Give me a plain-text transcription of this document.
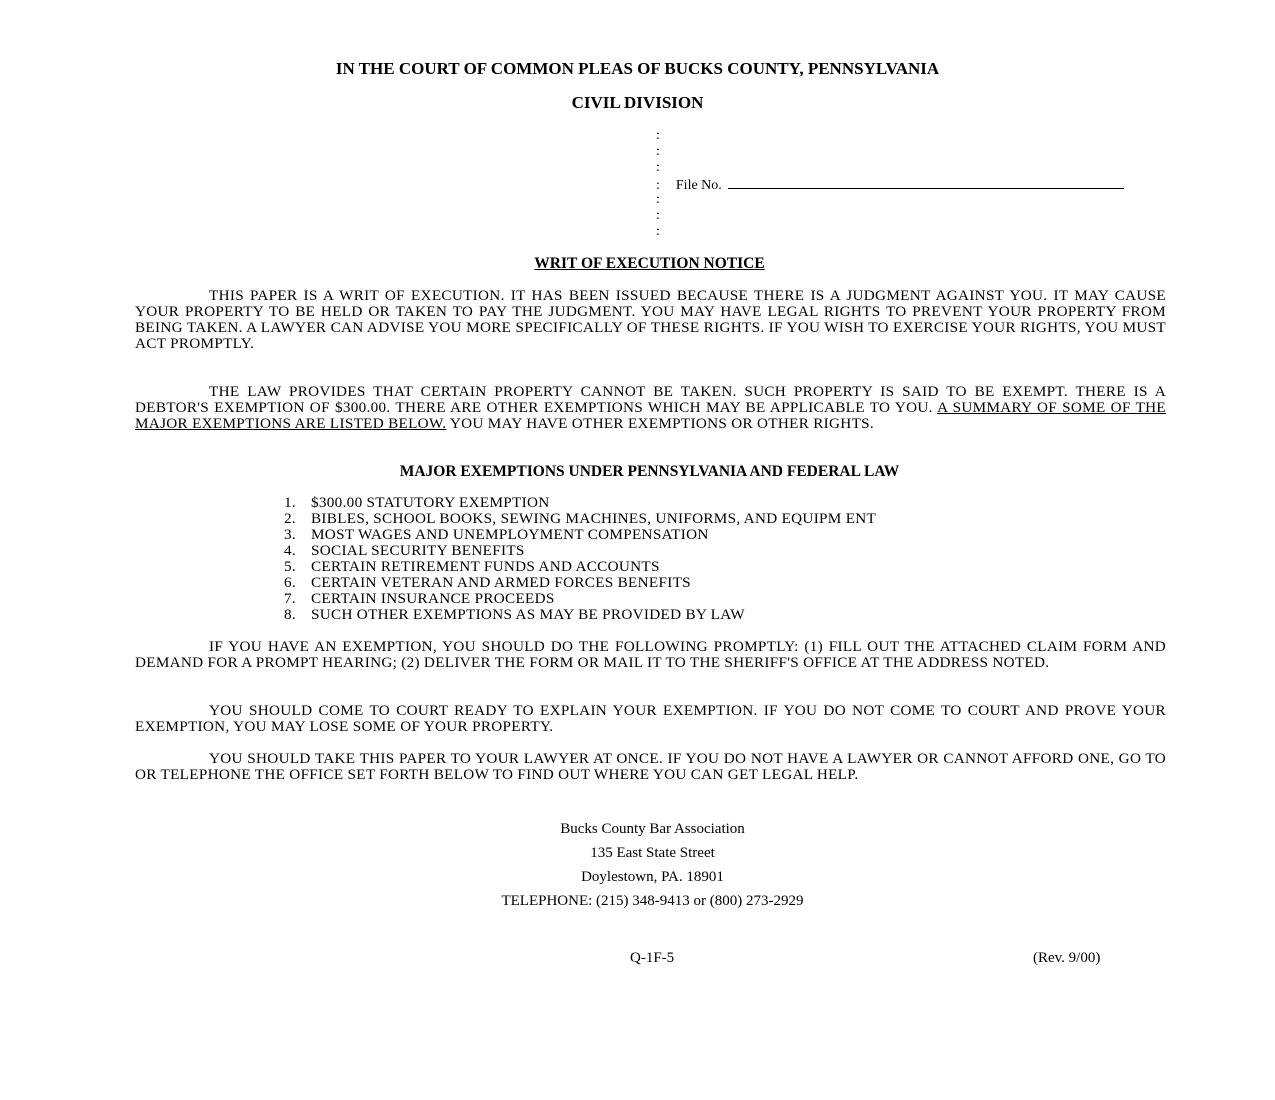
IN THE COURT OF COMMON PLEAS OF BUCKS COUNTY, PENNSYLVANIA
CIVIL DIVISION
:
:
:
: File No.
:
:
:
WRIT OF EXECUTION NOTICE
THIS PAPER IS A WRIT OF EXECUTION. IT HAS BEEN ISSUED BECAUSE THERE IS A JUDGMENT AGAINST YOU. IT MAY CAUSE YOUR PROPERTY TO BE HELD OR TAKEN TO PAY THE JUDGMENT. YOU MAY HAVE LEGAL RIGHTS TO PREVENT YOUR PROPERTY FROM BEING TAKEN. A LAWYER CAN ADVISE YOU MORE SPECIFICALLY OF THESE RIGHTS. IF YOU WISH TO EXERCISE YOUR RIGHTS, YOU MUST ACT PROMPTLY.
THE LAW PROVIDES THAT CERTAIN PROPERTY CANNOT BE TAKEN. SUCH PROPERTY IS SAID TO BE EXEMPT. THERE IS A DEBTOR'S EXEMPTION OF $300.00. THERE ARE OTHER EXEMPTIONS WHICH MAY BE APPLICABLE TO YOU. A SUMMARY OF SOME OF THE MAJOR EXEMPTIONS ARE LISTED BELOW. YOU MAY HAVE OTHER EXEMPTIONS OR OTHER RIGHTS.
MAJOR EXEMPTIONS UNDER PENNSYLVANIA AND FEDERAL LAW
1. $300.00 STATUTORY EXEMPTION
2. BIBLES, SCHOOL BOOKS, SEWING MACHINES, UNIFORMS, AND EQUIPM ENT
3. MOST WAGES AND UNEMPLOYMENT COMPENSATION
4. SOCIAL SECURITY BENEFITS
5. CERTAIN RETIREMENT FUNDS AND ACCOUNTS
6. CERTAIN VETERAN AND ARMED FORCES BENEFITS
7. CERTAIN INSURANCE PROCEEDS
8. SUCH OTHER EXEMPTIONS AS MAY BE PROVIDED BY LAW
IF YOU HAVE AN EXEMPTION, YOU SHOULD DO THE FOLLOWING PROMPTLY: (1) FILL OUT THE ATTACHED CLAIM FORM AND DEMAND FOR A PROMPT HEARING; (2) DELIVER THE FORM OR MAIL IT TO THE SHERIFF'S OFFICE AT THE ADDRESS NOTED.
YOU SHOULD COME TO COURT READY TO EXPLAIN YOUR EXEMPTION. IF YOU DO NOT COME TO COURT AND PROVE YOUR EXEMPTION, YOU MAY LOSE SOME OF YOUR PROPERTY.
YOU SHOULD TAKE THIS PAPER TO YOUR LAWYER AT ONCE. IF YOU DO NOT HAVE A LAWYER OR CANNOT AFFORD ONE, GO TO OR TELEPHONE THE OFFICE SET FORTH BELOW TO FIND OUT WHERE YOU CAN GET LEGAL HELP.
Bucks County Bar Association
135 East State Street
Doylestown, PA. 18901
TELEPHONE: (215) 348-9413 or (800) 273-2929
Q-1F-5	(Rev. 9/00)
